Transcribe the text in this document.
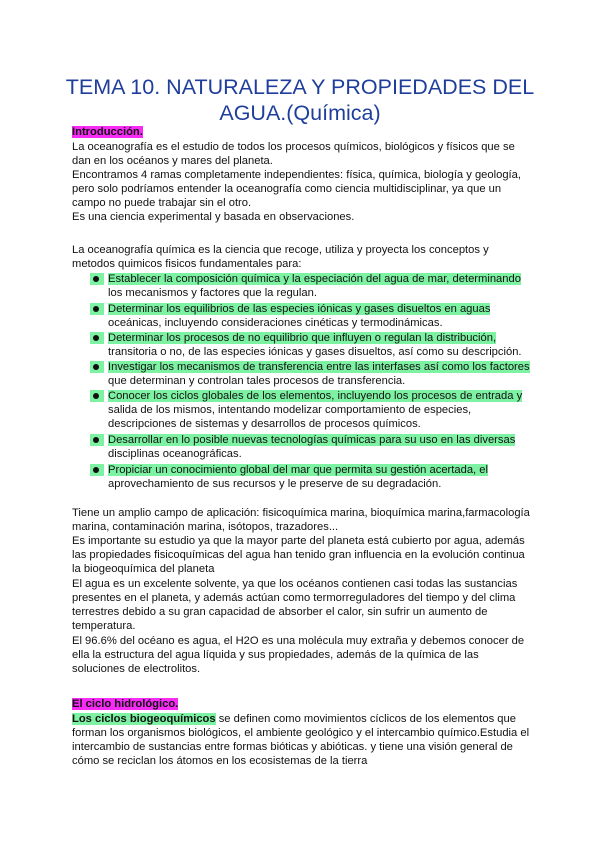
TEMA 10. NATURALEZA Y PROPIEDADES DEL
AGUA.(Química)
Introducción.
La oceanografía es el estudio de todos los procesos químicos, biológicos y físicos que se
dan en los océanos y mares del planeta.
Encontramos 4 ramas completamente independientes: física, química, biología y geología,
pero solo podríamos entender la oceanografía como ciencia multidisciplinar, ya que un
campo no puede trabajar sin el otro.
Es una ciencia experimental y basada en observaciones.
La oceanografía química es la ciencia que recoge, utiliza y proyecta los conceptos y
metodos quimicos fisicos fundamentales para:
Establecer la composición química y la especiación del agua de mar, determinando
los mecanismos y factores que la regulan.
Determinar los equilibrios de las especies iónicas y gases disueltos en aguas
oceánicas, incluyendo consideraciones cinéticas y termodinámicas.
Determinar los procesos de no equilibrio que influyen o regulan la distribución,
transitoria o no, de las especies iónicas y gases disueltos, así como su descripción.
Investigar los mecanismos de transferencia entre las interfases así como los factores
que determinan y controlan tales procesos de transferencia.
Conocer los ciclos globales de los elementos, incluyendo los procesos de entrada y
salida de los mismos, intentando modelizar comportamiento de especies,
descripciones de sistemas y desarrollos de procesos químicos.
Desarrollar en lo posible nuevas tecnologías químicas para su uso en las diversas
disciplinas oceanográficas.
Propiciar un conocimiento global del mar que permita su gestión acertada, el
aprovechamiento de sus recursos y le preserve de su degradación.
Tiene un amplio campo de aplicación: fisicoquímica marina, bioquímica marina,farmacología
marina, contaminación marina, isótopos, trazadores...
Es importante su estudio ya que la mayor parte del planeta está cubierto por agua, además
las propiedades fisicoquímicas del agua han tenido gran influencia en la evolución continua
la biogeoquímica del planeta
El agua es un excelente solvente, ya que los océanos contienen casi todas las sustancias
presentes en el planeta, y además actúan como termorreguladores del tiempo y del clima
terrestres debido a su gran capacidad de absorber el calor, sin sufrir un aumento de
temperatura.
El 96.6% del océano es agua, el H2O es una molécula muy extraña y debemos conocer de
ella la estructura del agua líquida y sus propiedades, además de la química de las
soluciones de electrolitos.
El ciclo hidrológico.
Los ciclos biogeoquímicos se definen como movimientos cíclicos de los elementos que
forman los organismos biológicos, el ambiente geológico y el intercambio químico.Estudia el
intercambio de sustancias entre formas bióticas y abióticas. y tiene una visión general de
cómo se reciclan los átomos en los ecosistemas de la tierra
